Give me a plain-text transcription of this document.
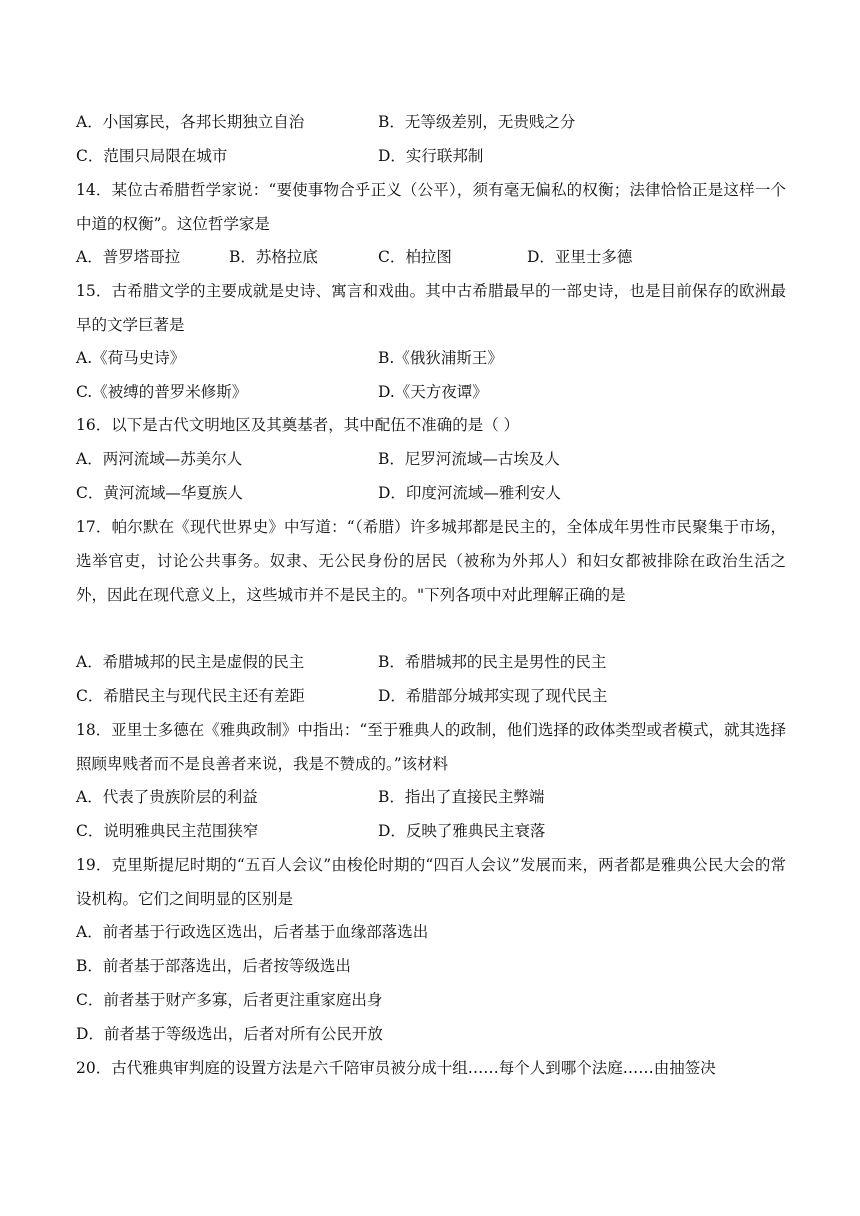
A．小国寡民，各邦长期独立自治	B．无等级差别，无贵贱之分
C．范围只局限在城市	D．实行联邦制
14．某位古希腊哲学家说：“要使事物合乎正义（公平），须有毫无偏私的权衡；法律恰恰正是这样一个中道的权衡”。这位哲学家是
A．普罗塔哥拉	B．苏格拉底	C．柏拉图	D．亚里士多德
15．古希腊文学的主要成就是史诗、寓言和戏曲。其中古希腊最早的一部史诗，也是目前保存的欧洲最早的文学巨著是
A.《荷马史诗》	B.《俄狄浦斯王》
C.《被缚的普罗米修斯》	D.《天方夜谭》
16．以下是古代文明地区及其奠基者，其中配伍不准确的是（ ）
A．两河流域—苏美尔人	B．尼罗河流域—古埃及人
C．黄河流域—华夏族人	D．印度河流域—雅利安人
17．帕尔默在《现代世界史》中写道：“（希腊）许多城邦都是民主的，全体成年男性市民聚集于市场，选举官吏，讨论公共事务。奴隶、无公民身份的居民（被称为外邦人）和妇女都被排除在政治生活之外，因此在现代意义上，这些城市并不是民主的。"下列各项中对此理解正确的是
A．希腊城邦的民主是虚假的民主	B．希腊城邦的民主是男性的民主
C．希腊民主与现代民主还有差距	D．希腊部分城邦实现了现代民主
18．亚里士多德在《雅典政制》中指出：“至于雅典人的政制，他们选择的政体类型或者模式，就其选择照顾卑贱者而不是良善者来说，我是不赞成的。”该材料
A．代表了贵族阶层的利益	B．指出了直接民主弊端
C．说明雅典民主范围狭窄	D．反映了雅典民主衰落
19．克里斯提尼时期的“五百人会议”由梭伦时期的“四百人会议”发展而来，两者都是雅典公民大会的常设机构。它们之间明显的区别是
A．前者基于行政选区选出，后者基于血缘部落选出
B．前者基于部落选出，后者按等级选出
C．前者基于财产多寡，后者更注重家庭出身
D．前者基于等级选出，后者对所有公民开放
20．古代雅典审判庭的设置方法是六千陪审员被分成十组……每个人到哪个法庭……由抽签决
